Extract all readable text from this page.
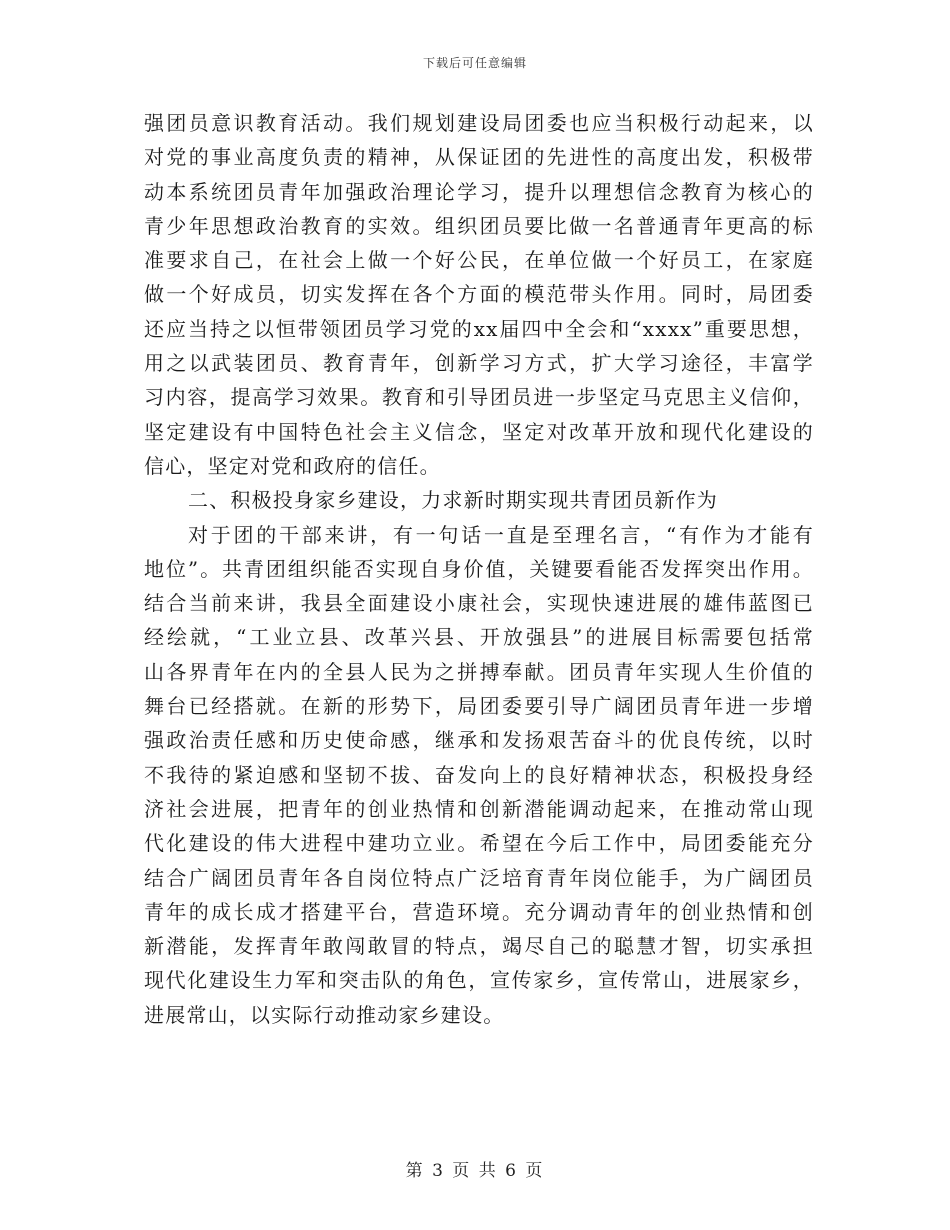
下载后可任意编辑
强团员意识教育活动。我们规划建设局团委也应当积极行动起来，以
对党的事业高度负责的精神，从保证团的先进性的高度出发，积极带
动本系统团员青年加强政治理论学习，提升以理想信念教育为核心的
青少年思想政治教育的实效。组织团员要比做一名普通青年更高的标
准要求自己，在社会上做一个好公民，在单位做一个好员工，在家庭
做一个好成员，切实发挥在各个方面的模范带头作用。同时，局团委
还应当持之以恒带领团员学习党的xx届四中全会和“xxxx”重要思想，
用之以武装团员、教育青年，创新学习方式，扩大学习途径，丰富学
习内容，提高学习效果。教育和引导团员进一步坚定马克思主义信仰，
坚定建设有中国特色社会主义信念，坚定对改革开放和现代化建设的
信心，坚定对党和政府的信任。
二、积极投身家乡建设，力求新时期实现共青团员新作为
对于团的干部来讲，有一句话一直是至理名言，“有作为才能有
地位”。共青团组织能否实现自身价值，关键要看能否发挥突出作用。
结合当前来讲，我县全面建设小康社会，实现快速进展的雄伟蓝图已
经绘就，“工业立县、改革兴县、开放强县”的进展目标需要包括常
山各界青年在内的全县人民为之拼搏奉献。团员青年实现人生价值的
舞台已经搭就。在新的形势下，局团委要引导广阔团员青年进一步增
强政治责任感和历史使命感，继承和发扬艰苦奋斗的优良传统，以时
不我待的紧迫感和坚韧不拔、奋发向上的良好精神状态，积极投身经
济社会进展，把青年的创业热情和创新潜能调动起来，在推动常山现
代化建设的伟大进程中建功立业。希望在今后工作中，局团委能充分
结合广阔团员青年各自岗位特点广泛培育青年岗位能手，为广阔团员
青年的成长成才搭建平台，营造环境。充分调动青年的创业热情和创
新潜能，发挥青年敢闯敢冒的特点，竭尽自己的聪慧才智，切实承担
现代化建设生力军和突击队的角色，宣传家乡，宣传常山，进展家乡，
进展常山，以实际行动推动家乡建设。
第 3 页 共 6 页
